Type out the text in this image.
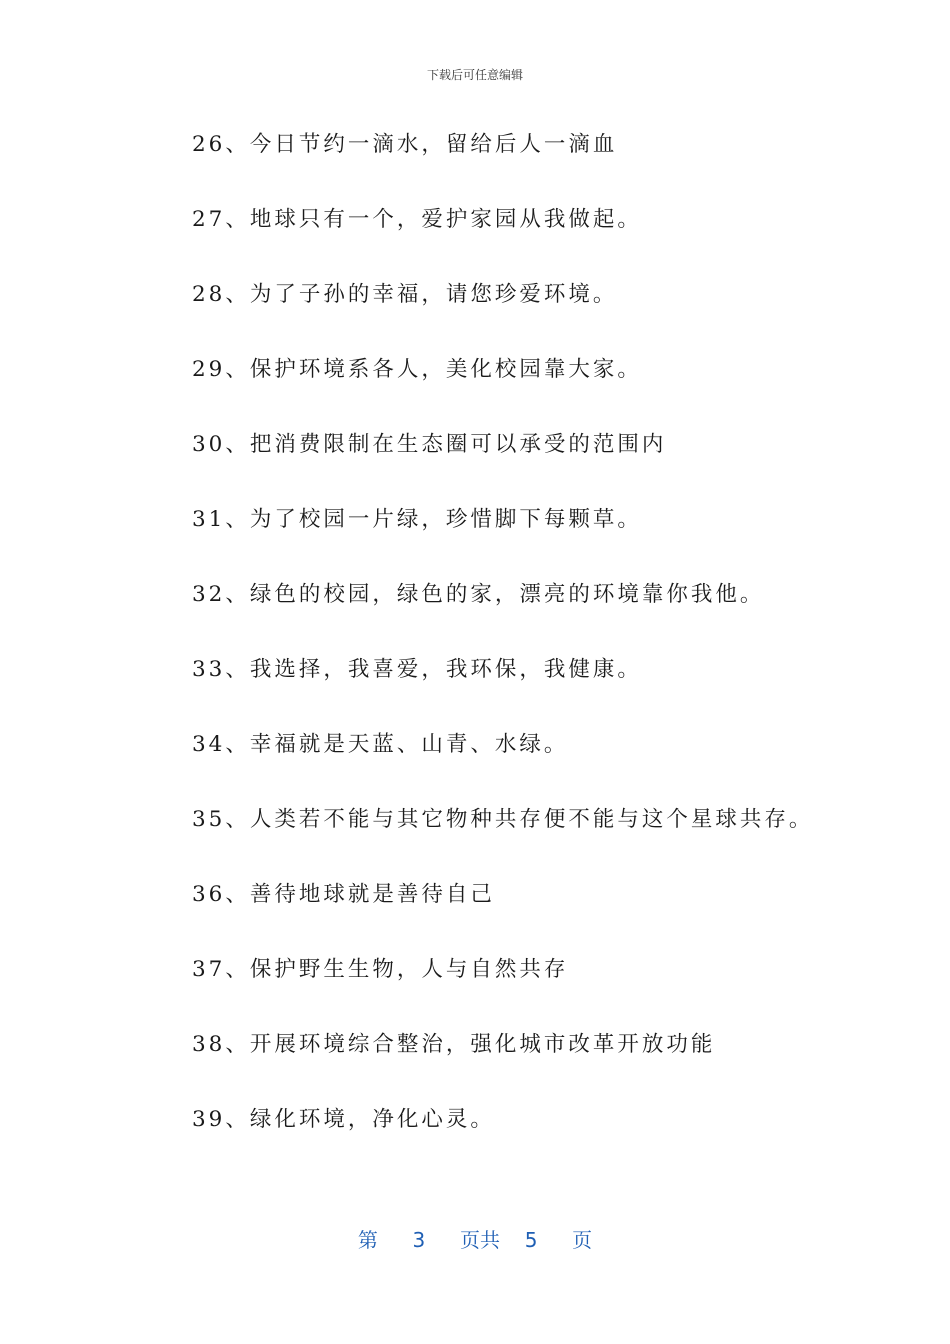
下载后可任意编辑
26、今日节约一滴水，留给后人一滴血
27、地球只有一个，爱护家园从我做起。
28、为了子孙的幸福，请您珍爱环境。
29、保护环境系各人，美化校园靠大家。
30、把消费限制在生态圈可以承受的范围内
31、为了校园一片绿，珍惜脚下每颗草。
32、绿色的校园，绿色的家，漂亮的环境靠你我他。
33、我选择，我喜爱，我环保，我健康。
34、幸福就是天蓝、山青、水绿。
35、人类若不能与其它物种共存便不能与这个星球共存。
36、善待地球就是善待自己
37、保护野生生物，人与自然共存
38、开展环境综合整治，强化城市改革开放功能
39、绿化环境，净化心灵。
第 3 页共 5 页
